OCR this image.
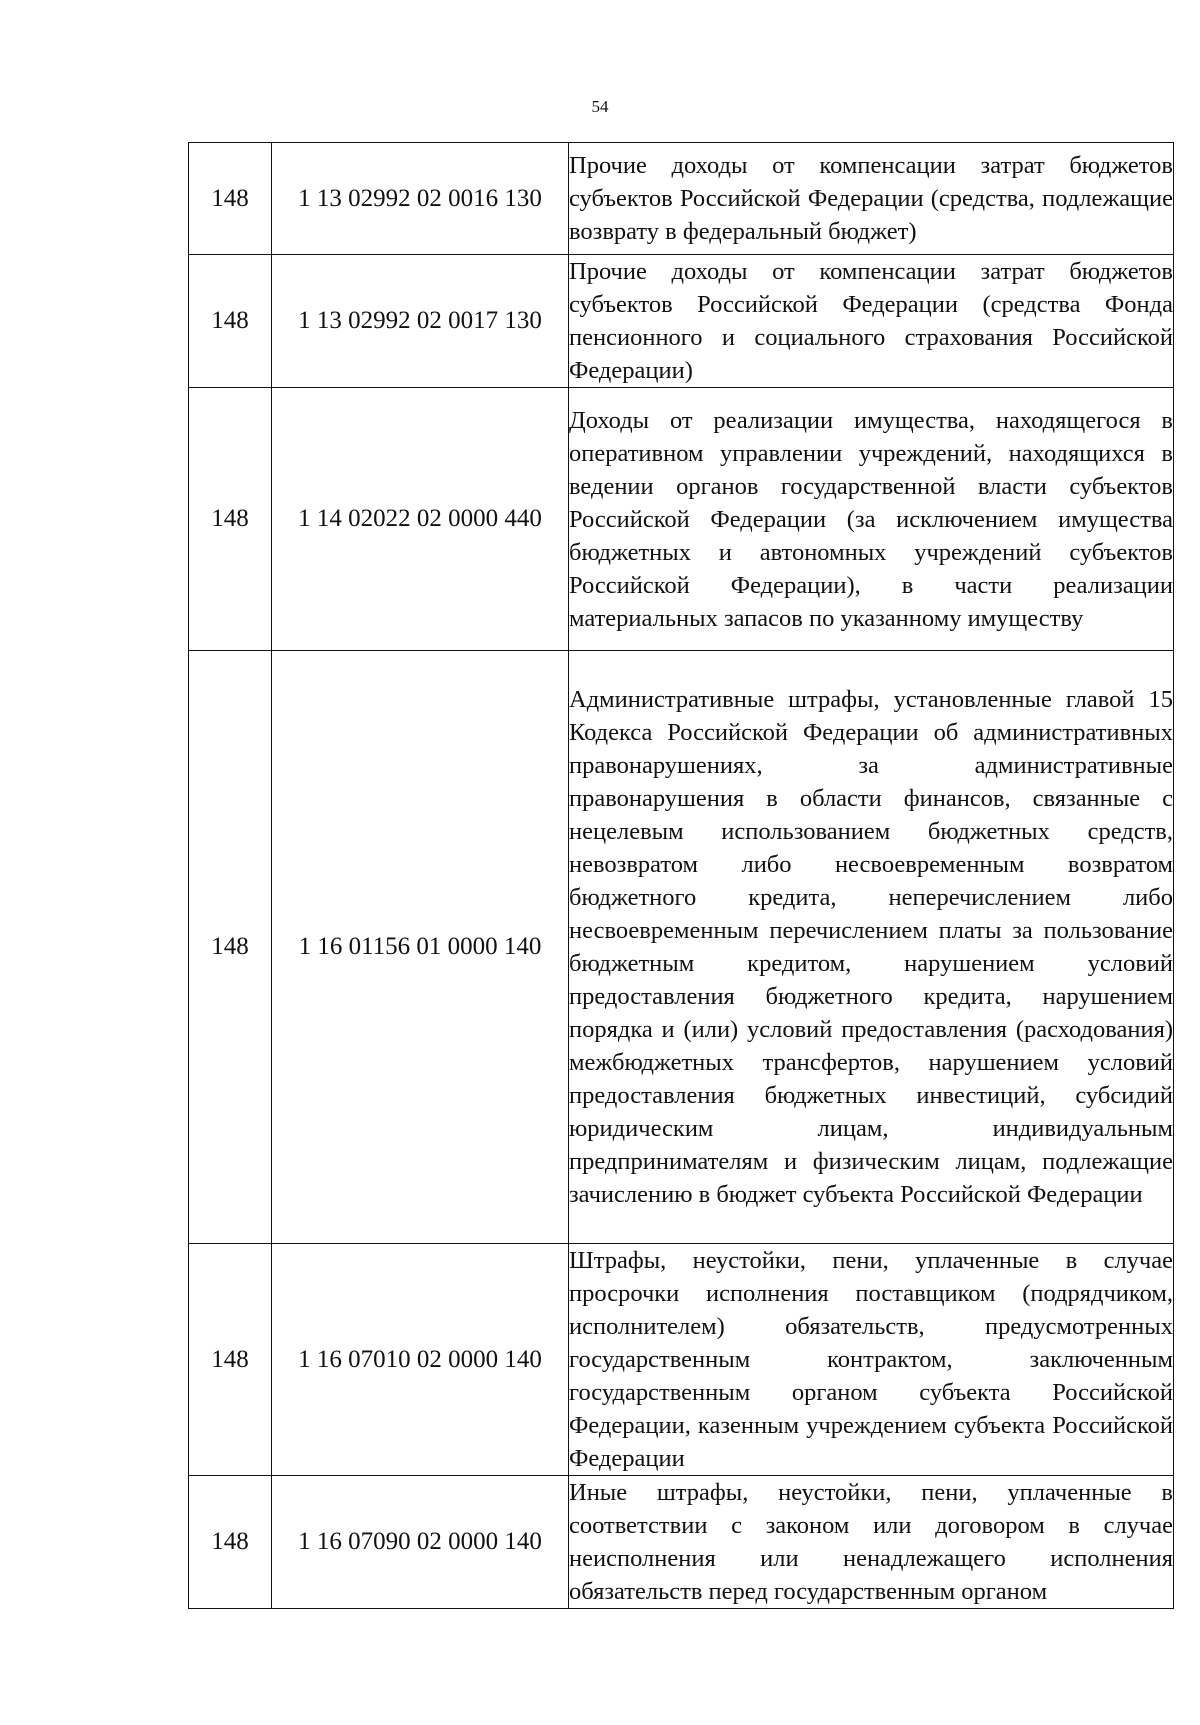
54
148	1 13 02992 02 0016 130	Прочие доходы от компенсации затрат бюджетов субъектов Российской Федерации (средства, подлежащие возврату в федеральный бюджет)
148	1 13 02992 02 0017 130	Прочие доходы от компенсации затрат бюджетов субъектов Российской Федерации (средства Фонда пенсионного и социального страхования Российской Федерации)
148	1 14 02022 02 0000 440	Доходы от реализации имущества, находящегося в оперативном управлении учреждений, находящихся в ведении органов государственной власти субъектов Российской Федерации (за исключением имущества бюджетных и автономных учреждений субъектов Российской Федерации), в части реализации материальных запасов по указанному имуществу
148	1 16 01156 01 0000 140	Административные штрафы, установленные главой 15 Кодекса Российской Федерации об административных правонарушениях, за административные правонарушения в области финансов, связанные с нецелевым использованием бюджетных средств, невозвратом либо несвоевременным возвратом бюджетного кредита, неперечислением либо несвоевременным перечислением платы за пользование бюджетным кредитом, нарушением условий предоставления бюджетного кредита, нарушением порядка и (или) условий предоставления (расходования) межбюджетных трансфертов, нарушением условий предоставления бюджетных инвестиций, субсидий юридическим лицам, индивидуальным предпринимателям и физическим лицам, подлежащие зачислению в бюджет субъекта Российской Федерации
148	1 16 07010 02 0000 140	Штрафы, неустойки, пени, уплаченные в случае просрочки исполнения поставщиком (подрядчиком, исполнителем) обязательств, предусмотренных государственным контрактом, заключенным государственным органом субъекта Российской Федерации, казенным учреждением субъекта Российской Федерации
148	1 16 07090 02 0000 140	Иные штрафы, неустойки, пени, уплаченные в соответствии с законом или договором в случае неисполнения или ненадлежащего исполнения обязательств перед государственным органом
